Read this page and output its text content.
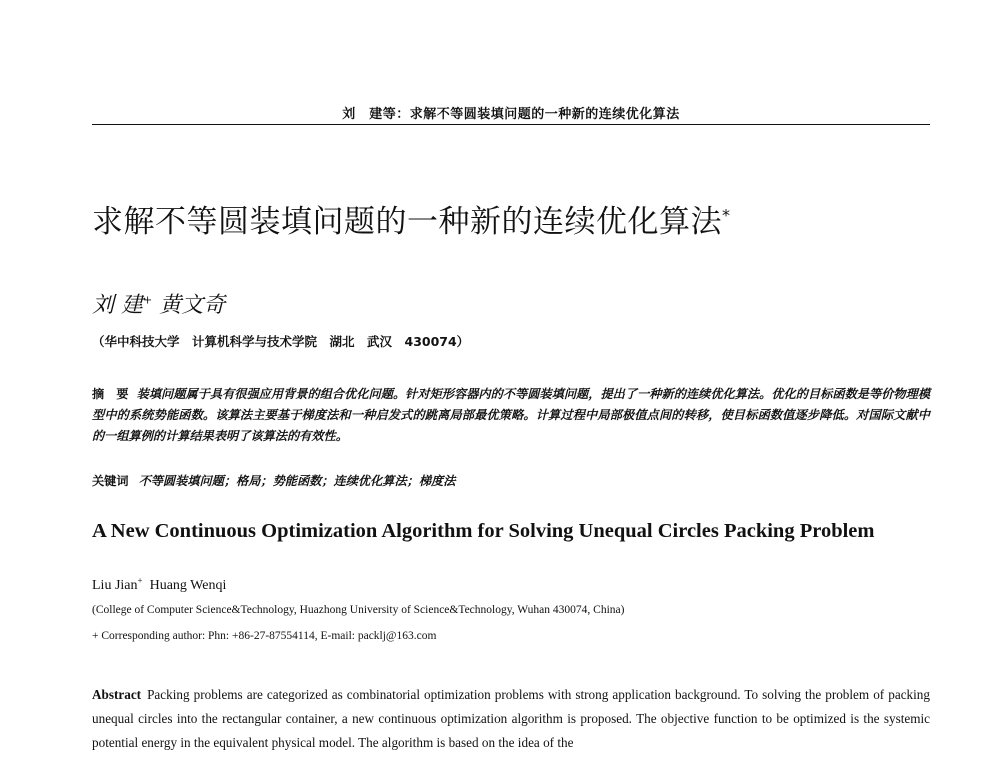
刘　建等：求解不等圆装填问题的一种新的连续优化算法
求解不等圆装填问题的一种新的连续优化算法*
刘 建+ 黄文奇
（华中科技大学　计算机科学与技术学院　湖北　武汉　430074）
摘　要 装填问题属于具有很强应用背景的组合优化问题。针对矩形容器内的不等圆装填问题，提出了一种新的连续优化算法。优化的目标函数是等价物理模型中的系统势能函数。该算法主要基于梯度法和一种启发式的跳离局部最优策略。计算过程中局部极值点间的转移，使目标函数值逐步降低。对国际文献中的一组算例的计算结果表明了该算法的有效性。
关键词 不等圆装填问题；格局；势能函数；连续优化算法；梯度法
A New Continuous Optimization Algorithm for Solving Unequal Circles Packing Problem
Liu Jian+ Huang Wenqi
(College of Computer Science&Technology, Huazhong University of Science&Technology, Wuhan 430074, China)
+ Corresponding author: Phn: +86-27-87554114, E-mail: packlj@163.com
Abstract Packing problems are categorized as combinatorial optimization problems with strong application background. To solving the problem of packing unequal circles into the rectangular container, a new continuous optimization algorithm is proposed. The objective function to be optimized is the systemic potential energy in the equivalent physical model. The algorithm is based on the idea of the
